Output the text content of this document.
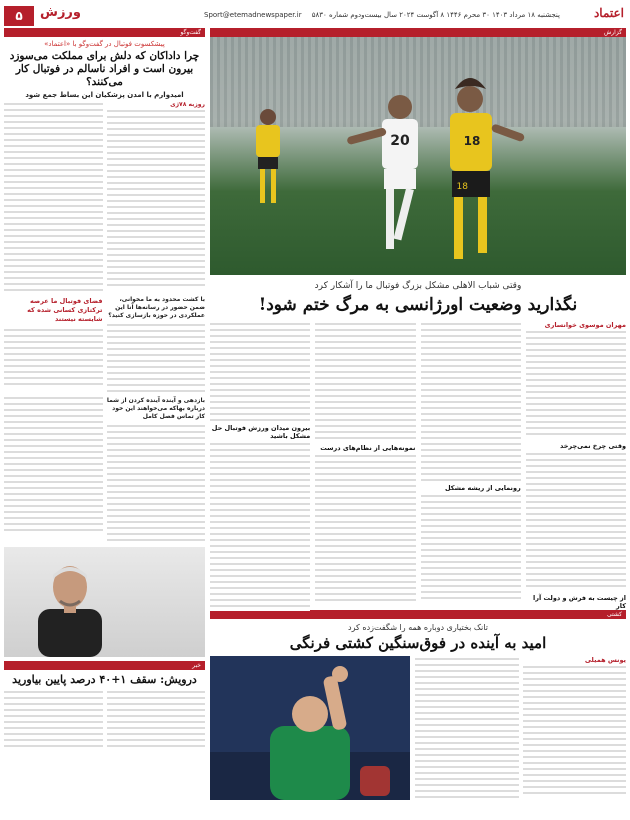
اعتماد
پنجشنبه ۱۸ مرداد ۱۴۰۳ ۳۰ محرم ۱۴۴۶ ۸ آگوست ۲۰۲۴ سال بیست‌ودوم شماره ۵۸۳۰
Sport@etemadnewspaper.ir
ورزش
۵
گفت‌وگو
پیشکسوت فوتبال در گفت‌وگو با «اعتماد»
چرا داداکان که دلش برای مملکت می‌سوزد بیرون است و افراد ناسالم در فوتبال کار می‌کنند؟
امیدوارم با امدن پزشکیان این بساط جمع شود
روزبه ۷۸ژی
با کشت محدود به ما مخوانی، ضمن حضور در رسانه‌ها آنا این عملکردی در حوزه بازسازی کنید؟
فضای فوتبال ما عرصه ترکتازی کسانی شده که شایسته نیستند
بازدهی و آینده آینده کردن از شما درباره بهاکه می‌خواهند این خود کار تماس فصل کامل
خبر
درویش: سقف ۱+۴۰ درصد پایین بیاورید
گزارش
20	18
18
وقتی شباب الاهلی مشکل بزرگ فوتبال ما را آشکار کرد
نگذارید وضعیت اورژانسی به مرگ ختم شود!
مهران موسوی خوانساری
وقتی چرخ نمی‌چرخد
از چیست به فرش و دولت آرا کار
رونمایی از ریشه مشکل
نمونه‌هایی از نظام‌های درست
بیرون میدان ورزش فوتبال حل مشکل باشید
کشتی
تانک بختیاری دوباره همه را شگفت‌زده کرد
امید به آینده در فوق‌سنگین کشتی فرنگی
یونس همیلی
